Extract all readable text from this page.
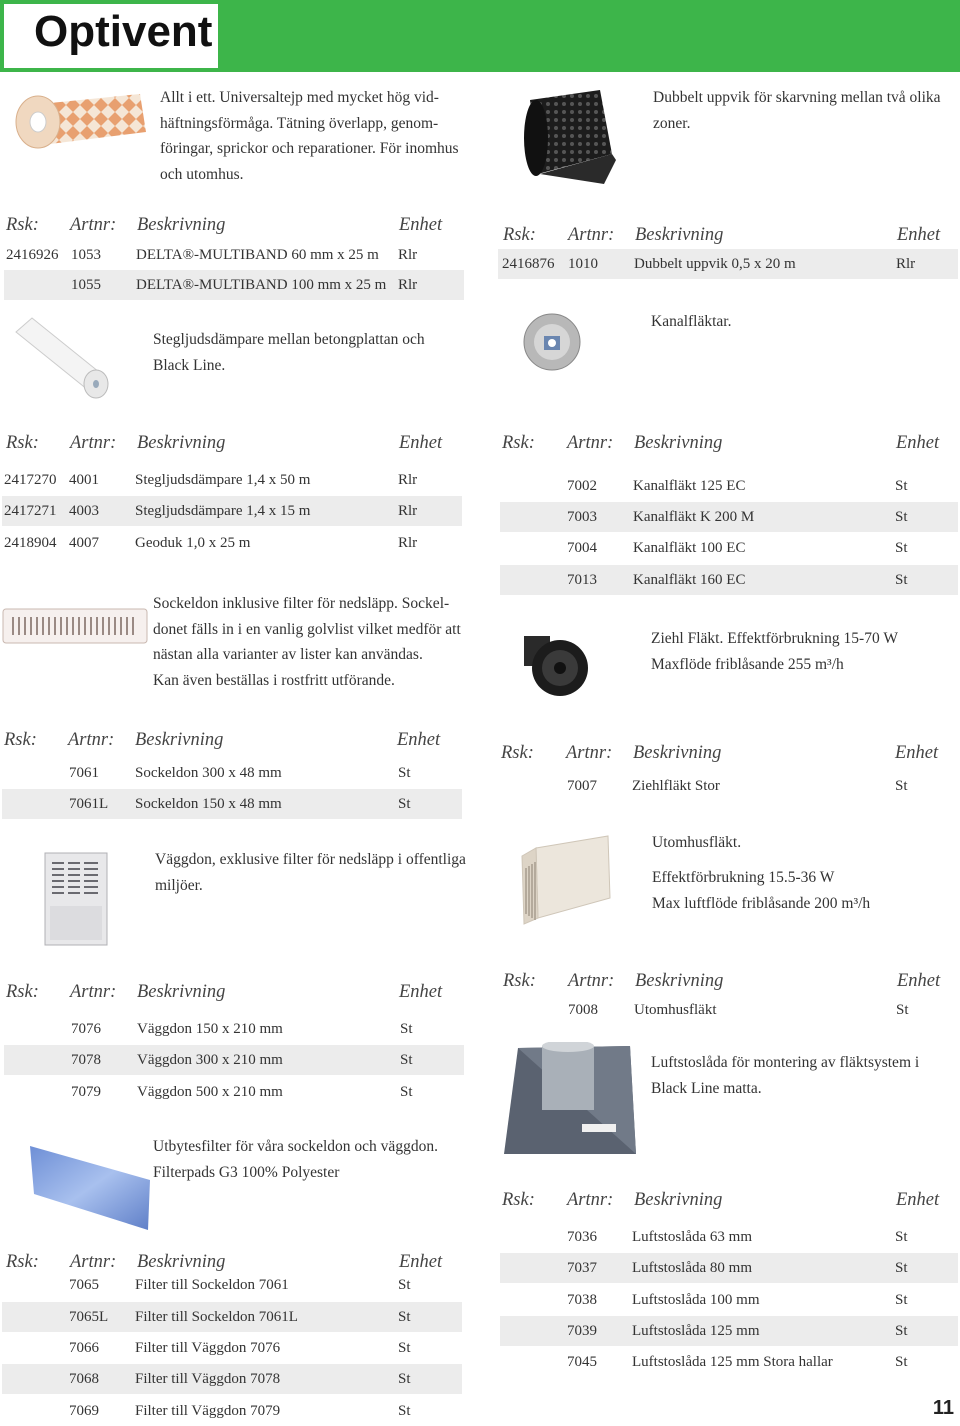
Optivent
Allt i ett. Universaltejp med mycket hög vid-
häftningsförmåga. Tätning överlapp, genom-
föringar, sprickor och reparationer. För inomhus
och utomhus.
Rsk: Artnr: Beskrivning	Enhet
2416926 1053 DELTA®-MULTIBAND 60 mm x 25 m Rlr
1055 DELTA®-MULTIBAND 100 mm x 25 m Rlr
Stegljudsdämpare mellan betongplattan och
Black Line.
Rsk: Artnr: Beskrivning	Enhet
2417270 4001 Stegljudsdämpare 1,4 x 50 m	Rlr
2417271 4003 Stegljudsdämpare 1,4 x 15 m	Rlr
2418904 4007 Geoduk 1,0 x 25 m	Rlr
Sockeldon inklusive filter för nedsläpp. Sockel-
donet fälls in i en vanlig golvlist vilket medför att
nästan alla varianter av lister kan användas.
Kan även beställas i rostfritt utförande.
Rsk: Artnr: Beskrivning	Enhet
7061 Sockeldon 300 x 48 mm	St
7061L Sockeldon 150 x 48 mm	St
Väggdon, exklusive filter för nedsläpp i offentliga
miljöer.
Rsk: Artnr: Beskrivning	Enhet
7076 Väggdon 150 x 210 mm	St
7078 Väggdon 300 x 210 mm	St
7079 Väggdon 500 x 210 mm	St
Utbytesfilter för våra sockeldon och väggdon.
Filterpads G3 100% Polyester
Rsk: Artnr: Beskrivning	Enhet
7065 Filter till Sockeldon 7061	St
7065L Filter till Sockeldon 7061L	St
7066 Filter till Väggdon 7076	St
7068 Filter till Väggdon 7078	St
7069 Filter till Väggdon 7079	St
Dubbelt uppvik för skarvning mellan två olika
zoner.
Rsk: Artnr: Beskrivning	Enhet
2416876 1010 Dubbelt uppvik 0,5 x 20 m	Rlr
Kanalfläktar.
Rsk: Artnr: Beskrivning	Enhet
7002 Kanalfläkt 125 EC	St
7003 Kanalfläkt K 200 M	St
7004 Kanalfläkt 100 EC	St
7013 Kanalfläkt 160 EC	St
Ziehl Fläkt. Effektförbrukning 15-70 W
Maxflöde friblåsande 255 m³/h
Rsk: Artnr: Beskrivning	Enhet
7007 Ziehlfläkt Stor	St
Utomhusfläkt.
Effektförbrukning 15.5-36 W
Max luftflöde friblåsande 200 m³/h
Rsk: Artnr: Beskrivning	Enhet
7008 Utomhusfläkt	St
Luftstoslåda för montering av fläktsystem i
Black Line matta.
Rsk: Artnr: Beskrivning	Enhet
7036 Luftstoslåda 63 mm	St
7037 Luftstoslåda 80 mm	St
7038 Luftstoslåda 100 mm	St
7039 Luftstoslåda 125 mm	St
7045 Luftstoslåda 125 mm Stora hallar	St
11
